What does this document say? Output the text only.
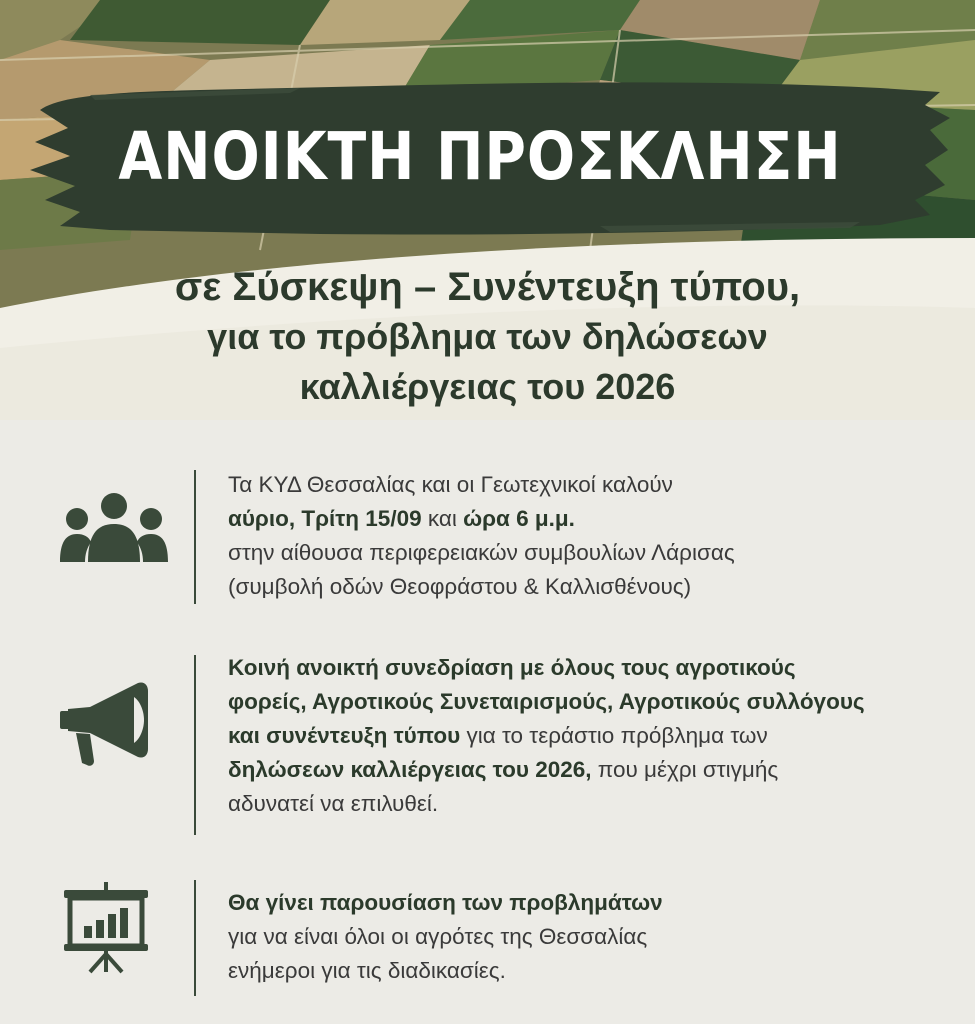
ΑΝΟΙΚΤΗ ΠΡΟΣΚΛΗΣΗ
σε Σύσκεψη – Συνέντευξη τύπου,
για το πρόβλημα των δηλώσεων
καλλιέργειας του 2026
Τα ΚΥΔ Θεσσαλίας και οι Γεωτεχνικοί καλούν
αύριο, Τρίτη 15/09 και ώρα 6 μ.μ.
στην αίθουσα περιφερειακών συμβουλίων Λάρισας
(συμβολή οδών Θεοφράστου & Καλλισθένους)
Κοινή ανοικτή συνεδρίαση με όλους τους αγροτικούς
φορείς, Αγροτικούς Συνεταιρισμούς, Αγροτικούς συλλόγους
και συνέντευξη τύπου για το τεράστιο πρόβλημα των
δηλώσεων καλλιέργειας του 2026, που μέχρι στιγμής
αδυνατεί να επιλυθεί.
Θα γίνει παρουσίαση των προβλημάτων
για να είναι όλοι οι αγρότες της Θεσσαλίας
ενήμεροι για τις διαδικασίες.
